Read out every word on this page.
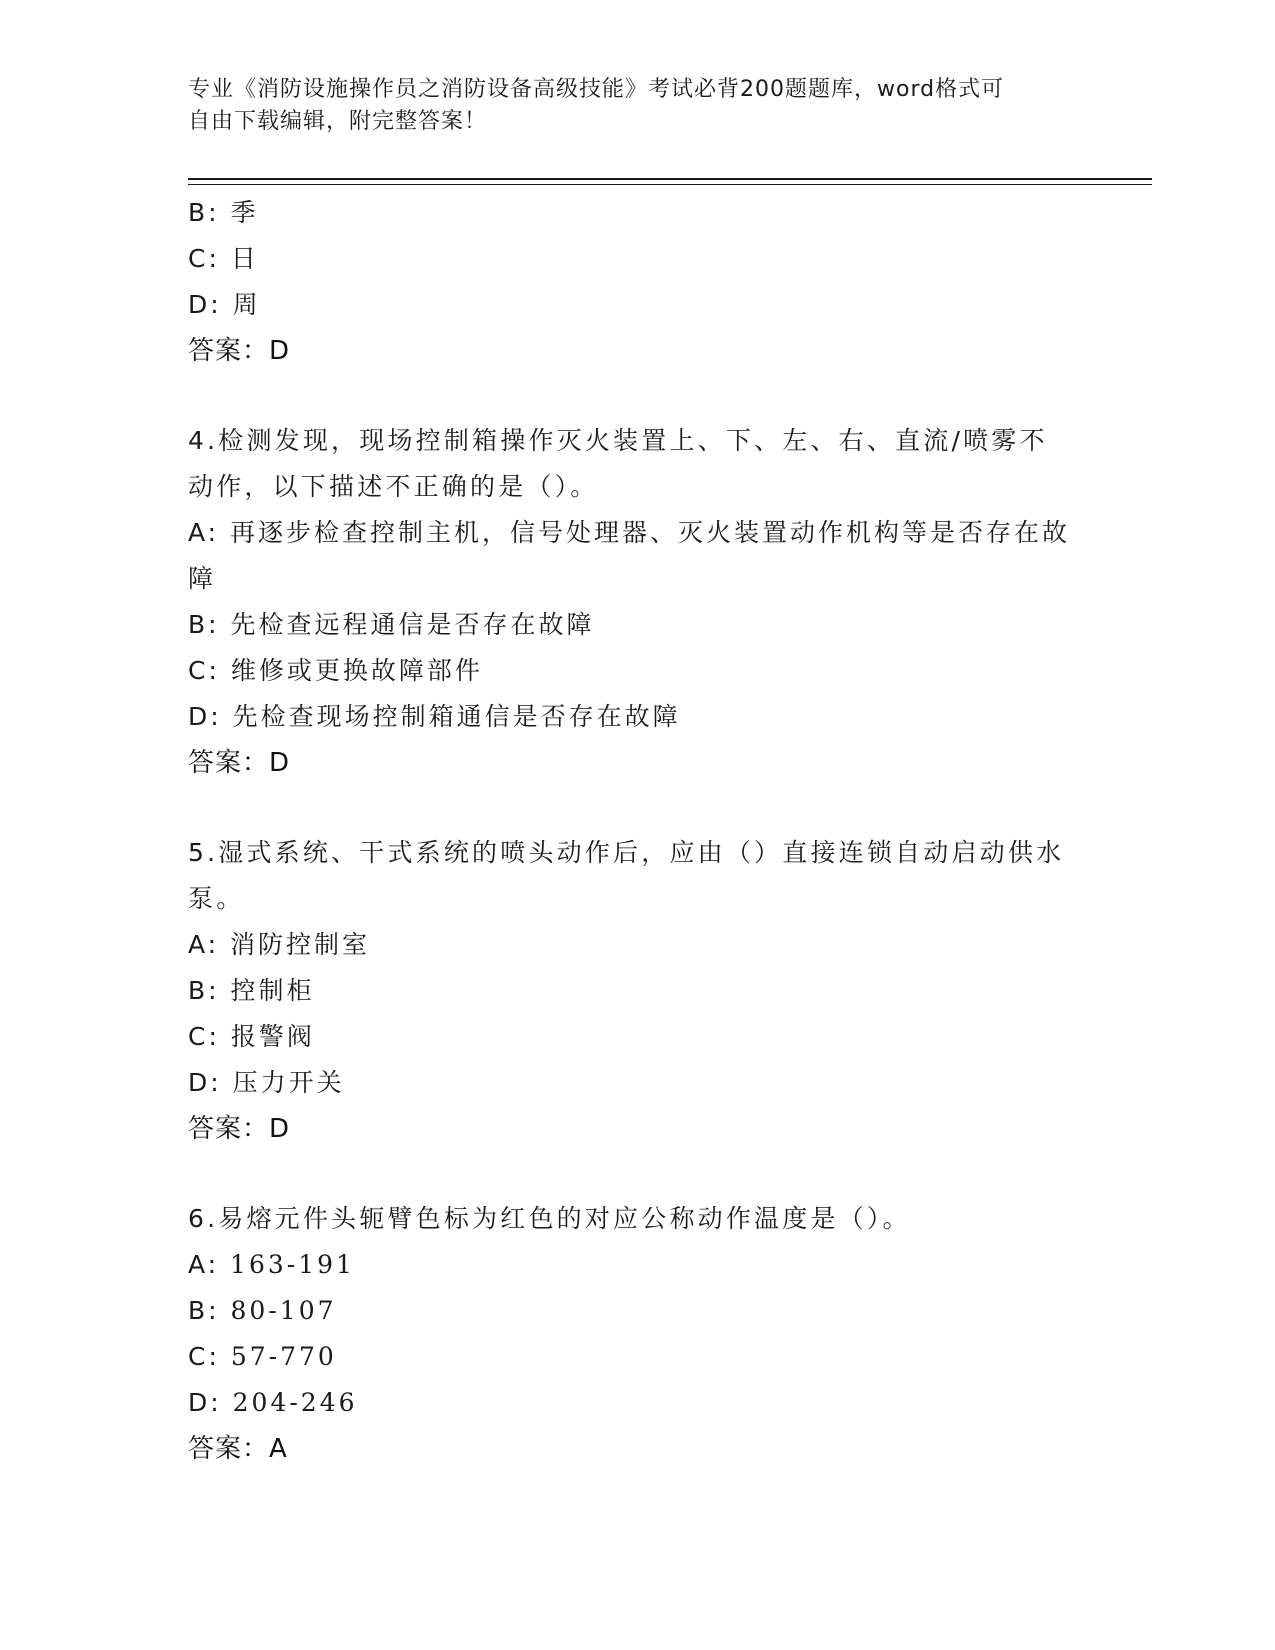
专业《消防设施操作员之消防设备高级技能》考试必背200题题库，word格式可
自由下载编辑，附完整答案！
B: 季
C: 日
D: 周
答案：D
4.检测发现，现场控制箱操作灭火装置上、下、左、右、直流/喷雾不动作，以下描述不正确的是（）。
A: 再逐步检查控制主机，信号处理器、灭火装置动作机构等是否存在故障
B: 先检查远程通信是否存在故障
C: 维修或更换故障部件
D: 先检查现场控制箱通信是否存在故障
答案：D
5.湿式系统、干式系统的喷头动作后，应由（）直接连锁自动启动供水泵。
A: 消防控制室
B: 控制柜
C: 报警阀
D: 压力开关
答案：D
6.易熔元件头轭臂色标为红色的对应公称动作温度是（）。
A: 163-191
B: 80-107
C: 57-770
D: 204-246
答案：A
